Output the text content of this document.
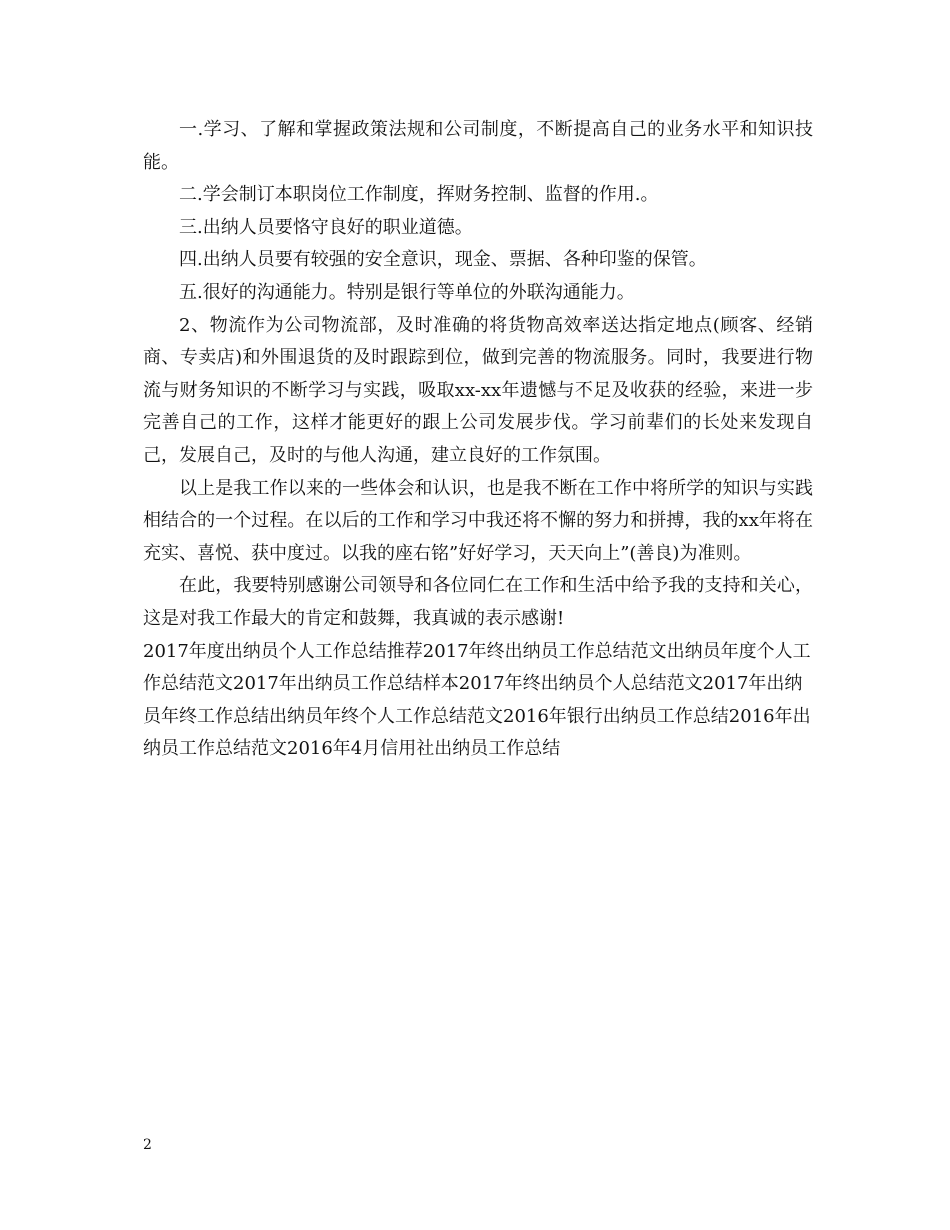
一.学习、了解和掌握政策法规和公司制度，不断提高自己的业务水平和知识技能。

二.学会制订本职岗位工作制度，挥财务控制、监督的作用.。

三.出纳人员要恪守良好的职业道德。

四.出纳人员要有较强的安全意识，现金、票据、各种印鉴的保管。

五.很好的沟通能力。特别是银行等单位的外联沟通能力。

2、物流作为公司物流部，及时准确的将货物高效率送达指定地点(顾客、经销商、专卖店)和外围退货的及时跟踪到位，做到完善的物流服务。同时，我要进行物流与财务知识的不断学习与实践，吸取xx-xx年遗憾与不足及收获的经验，来进一步完善自己的工作，这样才能更好的跟上公司发展步伐。学习前辈们的长处来发现自己，发展自己，及时的与他人沟通，建立良好的工作氛围。

以上是我工作以来的一些体会和认识，也是我不断在工作中将所学的知识与实践相结合的一个过程。在以后的工作和学习中我还将不懈的努力和拼搏，我的xx年将在充实、喜悦、获中度过。以我的座右铭”好好学习，天天向上”(善良)为准则。

在此，我要特别感谢公司领导和各位同仁在工作和生活中给予我的支持和关心，这是对我工作最大的肯定和鼓舞，我真诚的表示感谢!

2017年度出纳员个人工作总结推荐2017年终出纳员工作总结范文出纳员年度个人工作总结范文2017年出纳员工作总结样本2017年终出纳员个人总结范文2017年出纳员年终工作总结出纳员年终个人工作总结范文2016年银行出纳员工作总结2016年出纳员工作总结范文2016年4月信用社出纳员工作总结

2
